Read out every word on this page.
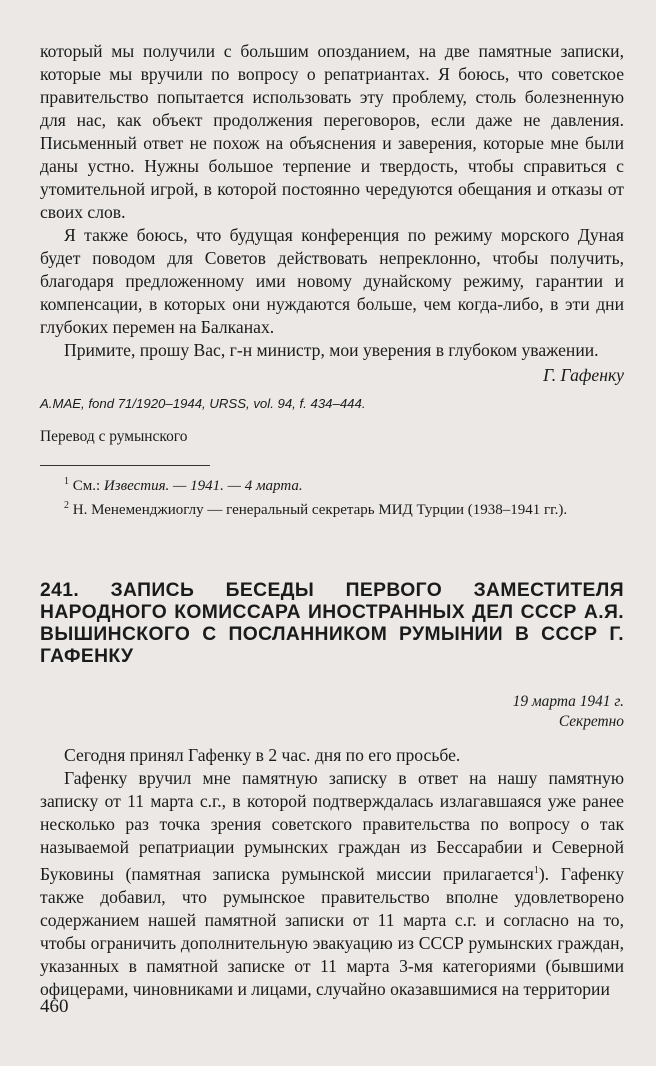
который мы получили с большим опозданием, на две памятные записки, которые мы вручили по вопросу о репатриантах. Я боюсь, что советское правительство попытается использовать эту проблему, столь болезненную для нас, как объект продолжения переговоров, если даже не давления. Письменный ответ не похож на объяснения и заверения, которые мне были даны устно. Нужны большое терпение и твердость, чтобы справиться с утомительной игрой, в которой постоянно чередуются обещания и отказы от своих слов.

Я также боюсь, что будущая конференция по режиму морского Дуная будет поводом для Советов действовать непреклонно, чтобы получить, благодаря предложенному ими новому дунайскому режиму, гарантии и компенсации, в которых они нуждаются больше, чем когда-либо, в эти дни глубоких перемен на Балканах.

Примите, прошу Вас, г-н министр, мои уверения в глубоком уважении.

Г. Гафенку

A.MAE, fond 71/1920–1944, URSS, vol. 94, f. 434–444.

Перевод с румынского

$^1$ См.: Известия. — 1941. — 4 марта.

$^2$ Н. Менеменджиоглу — генеральный секретарь МИД Турции (1938–1941 гг.).

241. ЗАПИСЬ БЕСЕДЫ ПЕРВОГО ЗАМЕСТИТЕЛЯ НАРОДНОГО КОМИССАРА ИНОСТРАННЫХ ДЕЛ СССР А.Я. ВЫШИНСКОГО С ПОСЛАННИКОМ РУМЫНИИ В СССР Г. ГАФЕНКУ

19 марта 1941 г.

Секретно

Сегодня принял Гафенку в 2 час. дня по его просьбе.

Гафенку вручил мне памятную записку в ответ на нашу памятную записку от 11 марта с.г., в которой подтверждалась излагавшаяся уже ранее несколько раз точка зрения советского правительства по вопросу о так называемой репатриации румынских граждан из Бессарабии и Северной Буковины (памятная записка румынской миссии прилагается$^1$). Гафенку также добавил, что румынское правительство вполне удовлетворено содержанием нашей памятной записки от 11 марта с.г. и согласно на то, чтобы ограничить дополнительную эвакуацию из СССР румынских граждан, указанных в памятной записке от 11 марта 3-мя категориями (бывшими офицерами, чиновниками и лицами, случайно оказавшимися на территории

460
